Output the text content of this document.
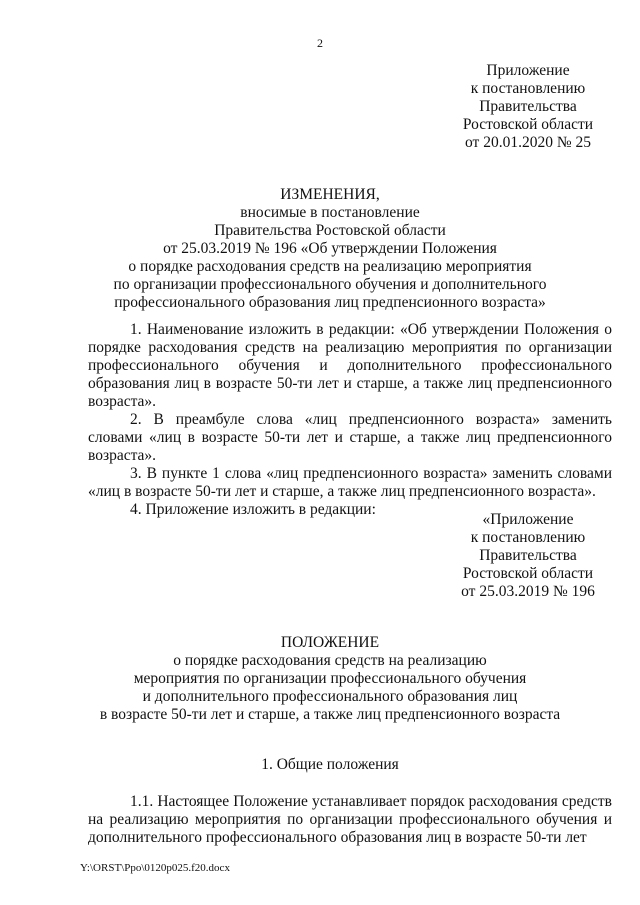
2
Приложение
к постановлению
Правительства
Ростовской области
от 20.01.2020 № 25
ИЗМЕНЕНИЯ,
вносимые в постановление
Правительства Ростовской области
от 25.03.2019 № 196 «Об утверждении Положения
о порядке расходования средств на реализацию мероприятия
по организации профессионального обучения и дополнительного
профессионального образования лиц предпенсионного возраста»

1. Наименование изложить в редакции: «Об утверждении Положения о порядке расходования средств на реализацию мероприятия по организации профессионального обучения и дополнительного профессионального образования лиц в возрасте 50-ти лет и старше, а также лиц предпенсионного возраста».

2. В преамбуле слова «лиц предпенсионного возраста» заменить словами «лиц в возрасте 50-ти лет и старше, а также лиц предпенсионного возраста».

3. В пункте 1 слова «лиц предпенсионного возраста» заменить словами «лиц в возрасте 50-ти лет и старше, а также лиц предпенсионного возраста».

4. Приложение изложить в редакции:

«Приложение
к постановлению
Правительства
Ростовской области
от 25.03.2019 № 196
ПОЛОЖЕНИЕ
о порядке расходования средств на реализацию
мероприятия по организации профессионального обучения
и дополнительного профессионального образования лиц
в возрасте 50-ти лет и старше, а также лиц предпенсионного возраста
1. Общие положения

1.1. Настоящее Положение устанавливает порядок расходования средств на реализацию мероприятия по организации профессионального обучения и дополнительного профессионального образования лиц в возрасте 50-ти лет

Y:\ORST\Ppo\0120p025.f20.docx
